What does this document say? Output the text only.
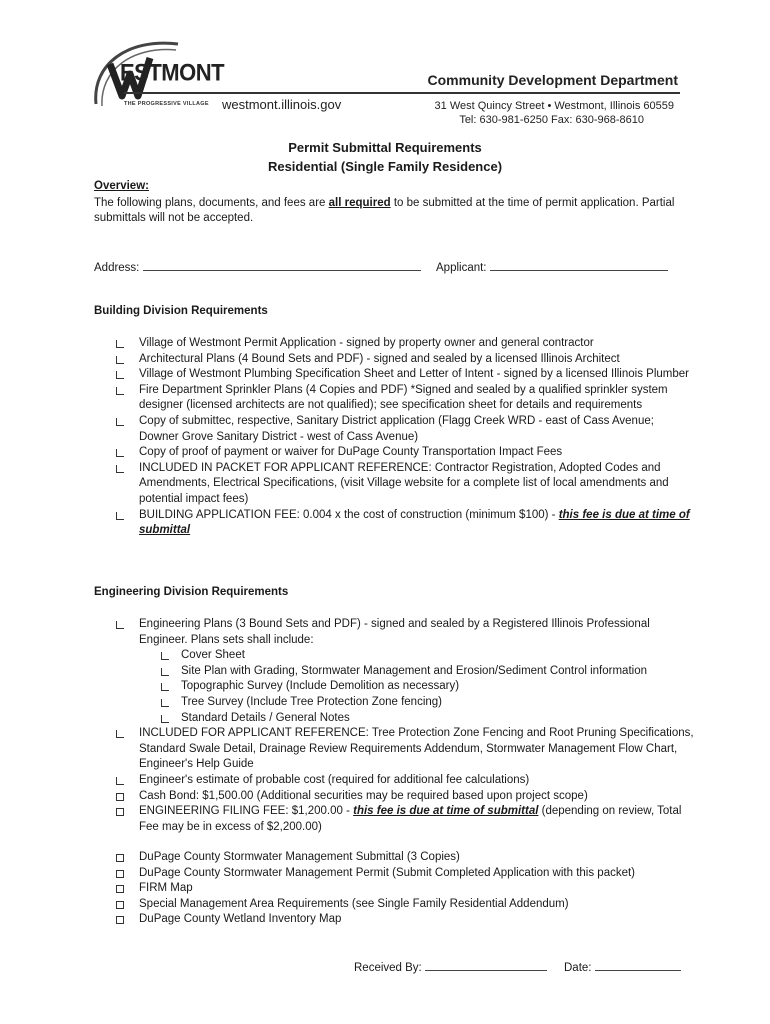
ESTMONT
THE PROGRESSIVE VILLAGE westmont.illinois.gov
Community Development Department
31 West Quincy Street • Westmont, Illinois 60559
Tel: 630-981-6250 Fax: 630-968-8610
Permit Submittal Requirements
Residential (Single Family Residence)
Overview:
The following plans, documents, and fees are all required to be submitted at the time of permit application. Partial submittals will not be accepted.
Address:	Applicant:
Building Division Requirements
Village of Westmont Permit Application - signed by property owner and general contractor
Architectural Plans (4 Bound Sets and PDF) - signed and sealed by a licensed Illinois Architect
Village of Westmont Plumbing Specification Sheet and Letter of Intent - signed by a licensed Illinois Plumber
Fire Department Sprinkler Plans (4 Copies and PDF) *Signed and sealed by a qualified sprinkler system designer (licensed architects are not qualified); see specification sheet for details and requirements
Copy of submittec, respective, Sanitary District application (Flagg Creek WRD - east of Cass Avenue; Downer Grove Sanitary District - west of Cass Avenue)
Copy of proof of payment or waiver for DuPage County Transportation Impact Fees
INCLUDED IN PACKET FOR APPLICANT REFERENCE: Contractor Registration, Adopted Codes and Amendments, Electrical Specifications, (visit Village website for a complete list of local amendments and potential impact fees)
BUILDING APPLICATION FEE: 0.004 x the cost of construction (minimum $100) - this fee is due at time of submittal
Engineering Division Requirements
Engineering Plans (3 Bound Sets and PDF) - signed and sealed by a Registered Illinois Professional Engineer. Plans sets shall include:
Cover Sheet
Site Plan with Grading, Stormwater Management and Erosion/Sediment Control information
Topographic Survey (Include Demolition as necessary)
Tree Survey (Include Tree Protection Zone fencing)
Standard Details / General Notes
INCLUDED FOR APPLICANT REFERENCE: Tree Protection Zone Fencing and Root Pruning Specifications, Standard Swale Detail, Drainage Review Requirements Addendum, Stormwater Management Flow Chart, Engineer's Help Guide
Engineer's estimate of probable cost (required for additional fee calculations)
Cash Bond: $1,500.00 (Additional securities may be required based upon project scope)
ENGINEERING FILING FEE: $1,200.00 - this fee is due at time of submittal (depending on review, Total Fee may be in excess of $2,200.00)
DuPage County Stormwater Management Submittal (3 Copies)
DuPage County Stormwater Management Permit (Submit Completed Application with this packet)
FIRM Map
Special Management Area Requirements (see Single Family Residential Addendum)
DuPage County Wetland Inventory Map
Received By:	Date:
